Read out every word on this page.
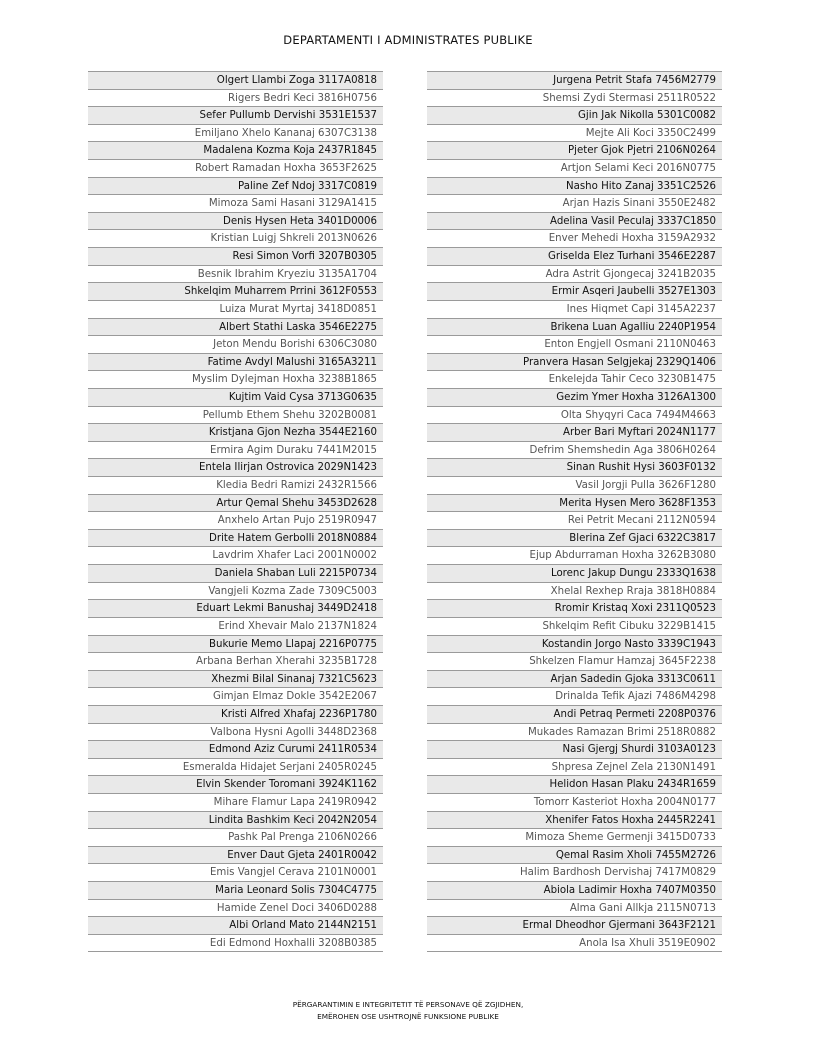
DEPARTAMENTI I ADMINISTRATES PUBLIKE
Olgert Llambi Zoga 3117A0818
Rigers Bedri Keci 3816H0756
Sefer Pullumb Dervishi 3531E1537
Emiljano Xhelo Kananaj 6307C3138
Madalena Kozma Koja 2437R1845
Robert Ramadan Hoxha 3653F2625
Paline Zef Ndoj 3317C0819
Mimoza Sami Hasani 3129A1415
Denis Hysen Heta 3401D0006
Kristian Luigj Shkreli 2013N0626
Resi Simon Vorfi 3207B0305
Besnik Ibrahim Kryeziu 3135A1704
Shkelqim Muharrem Prrini 3612F0553
Luiza Murat Myrtaj 3418D0851
Albert Stathi Laska 3546E2275
Jeton Mendu Borishi 6306C3080
Fatime Avdyl Malushi 3165A3211
Myslim Dylejman Hoxha 3238B1865
Kujtim Vaid Cysa 3713G0635
Pellumb Ethem Shehu 3202B0081
Kristjana Gjon Nezha 3544E2160
Ermira Agim Duraku 7441M2015
Entela Ilirjan Ostrovica 2029N1423
Kledia Bedri Ramizi 2432R1566
Artur Qemal Shehu 3453D2628
Anxhelo Artan Pujo 2519R0947
Drite Hatem Gerbolli 2018N0884
Lavdrim Xhafer Laci 2001N0002
Daniela Shaban Luli 2215P0734
Vangjeli Kozma Zade 7309C5003
Eduart Lekmi Banushaj 3449D2418
Erind Xhevair Malo 2137N1824
Bukurie Memo Llapaj 2216P0775
Arbana Berhan Xherahi 3235B1728
Xhezmi Bilal Sinanaj 7321C5623
Gimjan Elmaz Dokle 3542E2067
Kristi Alfred Xhafaj 2236P1780
Valbona Hysni Agolli 3448D2368
Edmond Aziz Curumi 2411R0534
Esmeralda Hidajet Serjani 2405R0245
Elvin Skender Toromani 3924K1162
Mihare Flamur Lapa 2419R0942
Lindita Bashkim Keci 2042N2054
Pashk Pal Prenga 2106N0266
Enver Daut Gjeta 2401R0042
Emis Vangjel Cerava 2101N0001
Maria Leonard Solis 7304C4775
Hamide Zenel Doci 3406D0288
Albi Orland Mato 2144N2151
Edi Edmond Hoxhalli 3208B0385
Jurgena Petrit Stafa 7456M2779
Shemsi Zydi Stermasi 2511R0522
Gjin Jak Nikolla 5301C0082
Mejte Ali Koci 3350C2499
Pjeter Gjok Pjetri 2106N0264
Artjon Selami Keci 2016N0775
Nasho Hito Zanaj 3351C2526
Arjan Hazis Sinani 3550E2482
Adelina Vasil Peculaj 3337C1850
Enver Mehedi Hoxha 3159A2932
Griselda Elez Turhani 3546E2287
Adra Astrit Gjongecaj 3241B2035
Ermir Asqeri Jaubelli 3527E1303
Ines Hiqmet Capi 3145A2237
Brikena Luan Agalliu 2240P1954
Enton Engjell Osmani 2110N0463
Pranvera Hasan Selgjekaj 2329Q1406
Enkelejda Tahir Ceco 3230B1475
Gezim Ymer Hoxha 3126A1300
Olta Shyqyri Caca 7494M4663
Arber Bari Myftari 2024N1177
Defrim Shemshedin Aga 3806H0264
Sinan Rushit Hysi 3603F0132
Vasil Jorgji Pulla 3626F1280
Merita Hysen Mero 3628F1353
Rei Petrit Mecani 2112N0594
Blerina Zef Gjaci 6322C3817
Ejup Abdurraman Hoxha 3262B3080
Lorenc Jakup Dungu 2333Q1638
Xhelal Rexhep Rraja 3818H0884
Rromir Kristaq Xoxi 2311Q0523
Shkelqim Refit Cibuku 3229B1415
Kostandin Jorgo Nasto 3339C1943
Shkelzen Flamur Hamzaj 3645F2238
Arjan Sadedin Gjoka 3313C0611
Drinalda Tefik Ajazi 7486M4298
Andi Petraq Permeti 2208P0376
Mukades Ramazan Brimi 2518R0882
Nasi Gjergj Shurdi 3103A0123
Shpresa Zejnel Zela 2130N1491
Helidon Hasan Plaku 2434R1659
Tomorr Kasteriot Hoxha 2004N0177
Xhenifer Fatos Hoxha 2445R2241
Mimoza Sheme Germenji 3415D0733
Qemal Rasim Xholi 7455M2726
Halim Bardhosh Dervishaj 7417M0829
Abiola Ladimir Hoxha 7407M0350
Alma Gani Allkja 2115N0713
Ermal Dheodhor Gjermani 3643F2121
Anola Isa Xhuli 3519E0902
PËRGARANTIMIN E INTEGRITETIT TË PERSONAVE QË ZGJIDHEN,
EMËROHEN OSE USHTROJNË FUNKSIONE PUBLIKE
